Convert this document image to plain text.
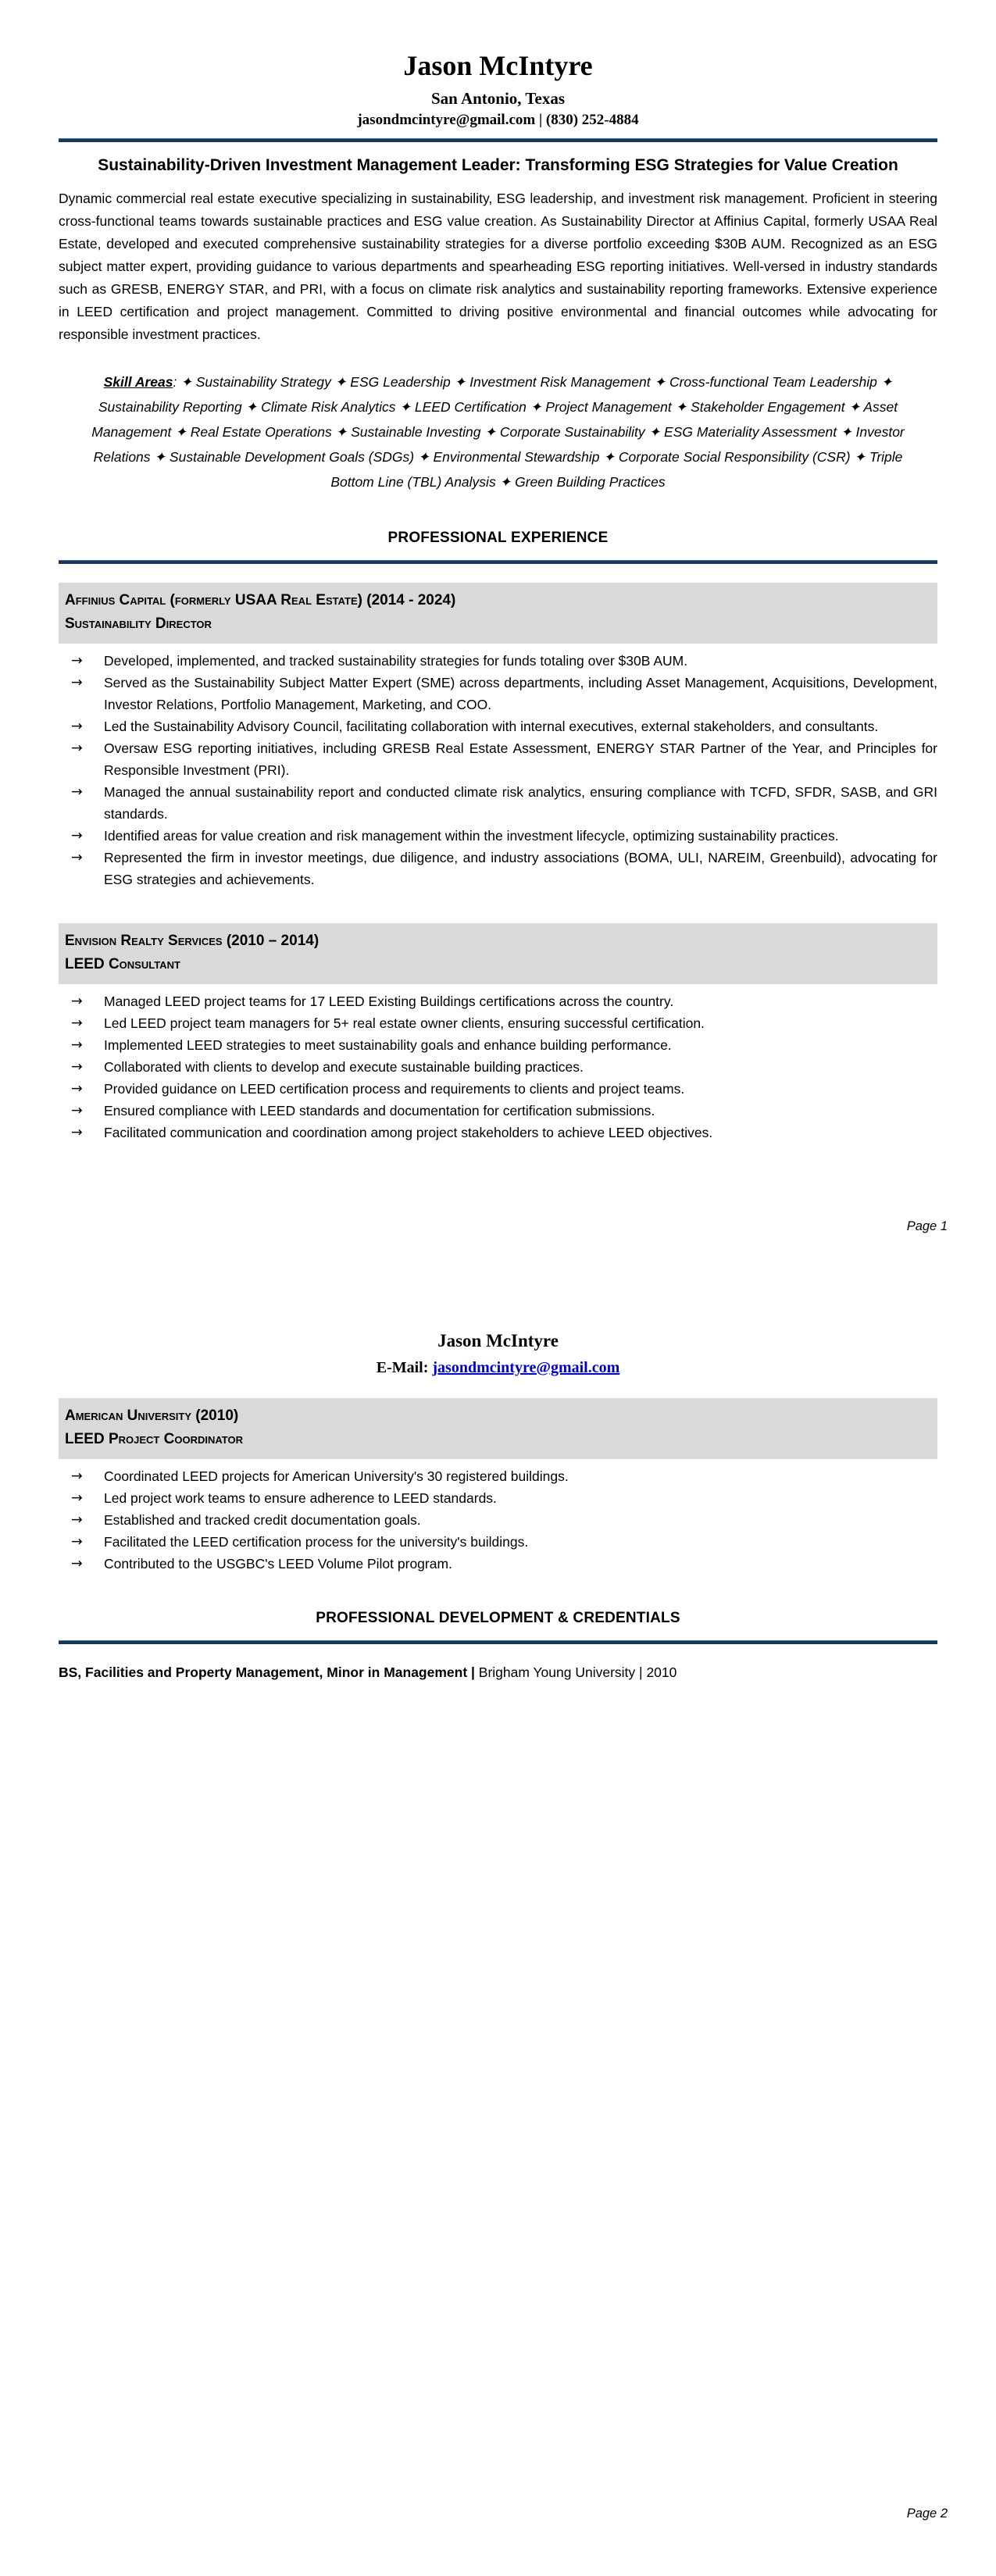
Jason McIntyre
San Antonio, Texas
jasondmcintyre@gmail.com | (830) 252-4884
Sustainability-Driven Investment Management Leader: Transforming ESG Strategies for Value Creation
Dynamic commercial real estate executive specializing in sustainability, ESG leadership, and investment risk management. Proficient in steering cross-functional teams towards sustainable practices and ESG value creation. As Sustainability Director at Affinius Capital, formerly USAA Real Estate, developed and executed comprehensive sustainability strategies for a diverse portfolio exceeding $30B AUM. Recognized as an ESG subject matter expert, providing guidance to various departments and spearheading ESG reporting initiatives. Well-versed in industry standards such as GRESB, ENERGY STAR, and PRI, with a focus on climate risk analytics and sustainability reporting frameworks. Extensive experience in LEED certification and project management. Committed to driving positive environmental and financial outcomes while advocating for responsible investment practices.
Skill Areas: ✦ Sustainability Strategy ✦ ESG Leadership ✦ Investment Risk Management ✦ Cross-functional Team Leadership ✦ Sustainability Reporting ✦ Climate Risk Analytics ✦ LEED Certification ✦ Project Management ✦ Stakeholder Engagement ✦ Asset Management ✦ Real Estate Operations ✦ Sustainable Investing ✦ Corporate Sustainability ✦ ESG Materiality Assessment ✦ Investor Relations ✦ Sustainable Development Goals (SDGs) ✦ Environmental Stewardship ✦ Corporate Social Responsibility (CSR) ✦ Triple Bottom Line (TBL) Analysis ✦ Green Building Practices
PROFESSIONAL EXPERIENCE
Affinius Capital (formerly USAA Real Estate) (2014 - 2024)
Sustainability Director
→	Developed, implemented, and tracked sustainability strategies for funds totaling over $30B AUM.
→	Served as the Sustainability Subject Matter Expert (SME) across departments, including Asset Management, Acquisitions, Development, Investor Relations, Portfolio Management, Marketing, and COO.
→	Led the Sustainability Advisory Council, facilitating collaboration with internal executives, external stakeholders, and consultants.
→	Oversaw ESG reporting initiatives, including GRESB Real Estate Assessment, ENERGY STAR Partner of the Year, and Principles for Responsible Investment (PRI).
→	Managed the annual sustainability report and conducted climate risk analytics, ensuring compliance with TCFD, SFDR, SASB, and GRI standards.
→	Identified areas for value creation and risk management within the investment lifecycle, optimizing sustainability practices.
→	Represented the firm in investor meetings, due diligence, and industry associations (BOMA, ULI, NAREIM, Greenbuild), advocating for ESG strategies and achievements.
Envision Realty Services (2010 – 2014)
LEED Consultant
→	Managed LEED project teams for 17 LEED Existing Buildings certifications across the country.
→	Led LEED project team managers for 5+ real estate owner clients, ensuring successful certification.
→	Implemented LEED strategies to meet sustainability goals and enhance building performance.
→	Collaborated with clients to develop and execute sustainable building practices.
→	Provided guidance on LEED certification process and requirements to clients and project teams.
→	Ensured compliance with LEED standards and documentation for certification submissions.
→	Facilitated communication and coordination among project stakeholders to achieve LEED objectives.
Page 1
Jason McIntyre
E-Mail: jasondmcintyre@gmail.com
American University (2010)
LEED Project Coordinator
→	Coordinated LEED projects for American University's 30 registered buildings.
→	Led project work teams to ensure adherence to LEED standards.
→	Established and tracked credit documentation goals.
→	Facilitated the LEED certification process for the university's buildings.
→	Contributed to the USGBC's LEED Volume Pilot program.
PROFESSIONAL DEVELOPMENT & CREDENTIALS
BS, Facilities and Property Management, Minor in Management | Brigham Young University | 2010
Page 2
